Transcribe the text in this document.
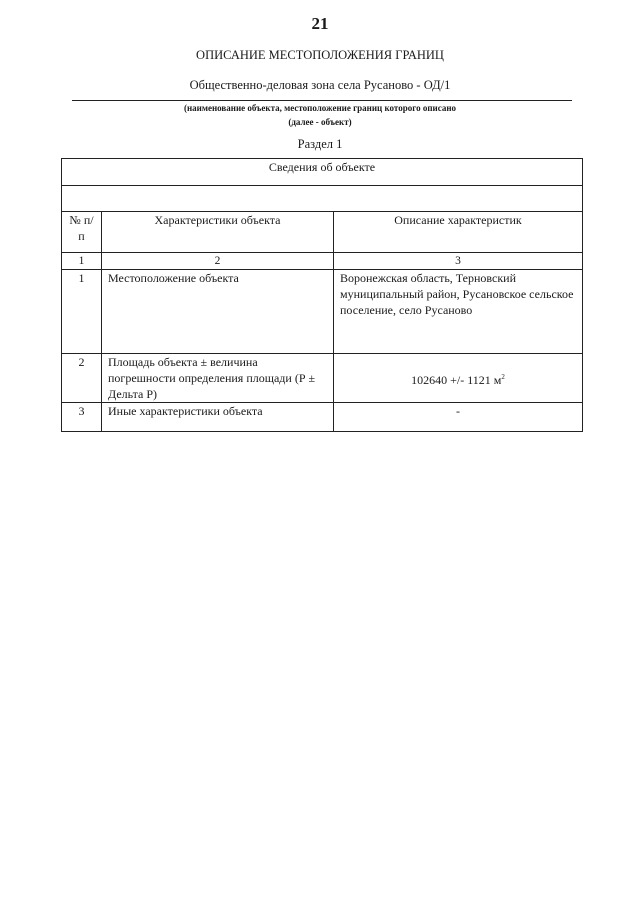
21
ОПИСАНИЕ МЕСТОПОЛОЖЕНИЯ ГРАНИЦ
Общественно-деловая зона села Русаново - ОД/1
(наименование объекта, местоположение границ которого описано
(далее - объект)
Раздел 1
Сведения об объекте		

№ п/п	Характеристики объекта	Описание характеристик
1	2	3
1	Местоположение объекта	Воронежская область, Терновский муниципальный район, Русановское сельское поселение, село Русаново
2	Площадь объекта ± величина погрешности определения площади (Р ± Дельта Р)	102640 +/- 1121 $м^2$
3	Иные характеристики объекта	-
